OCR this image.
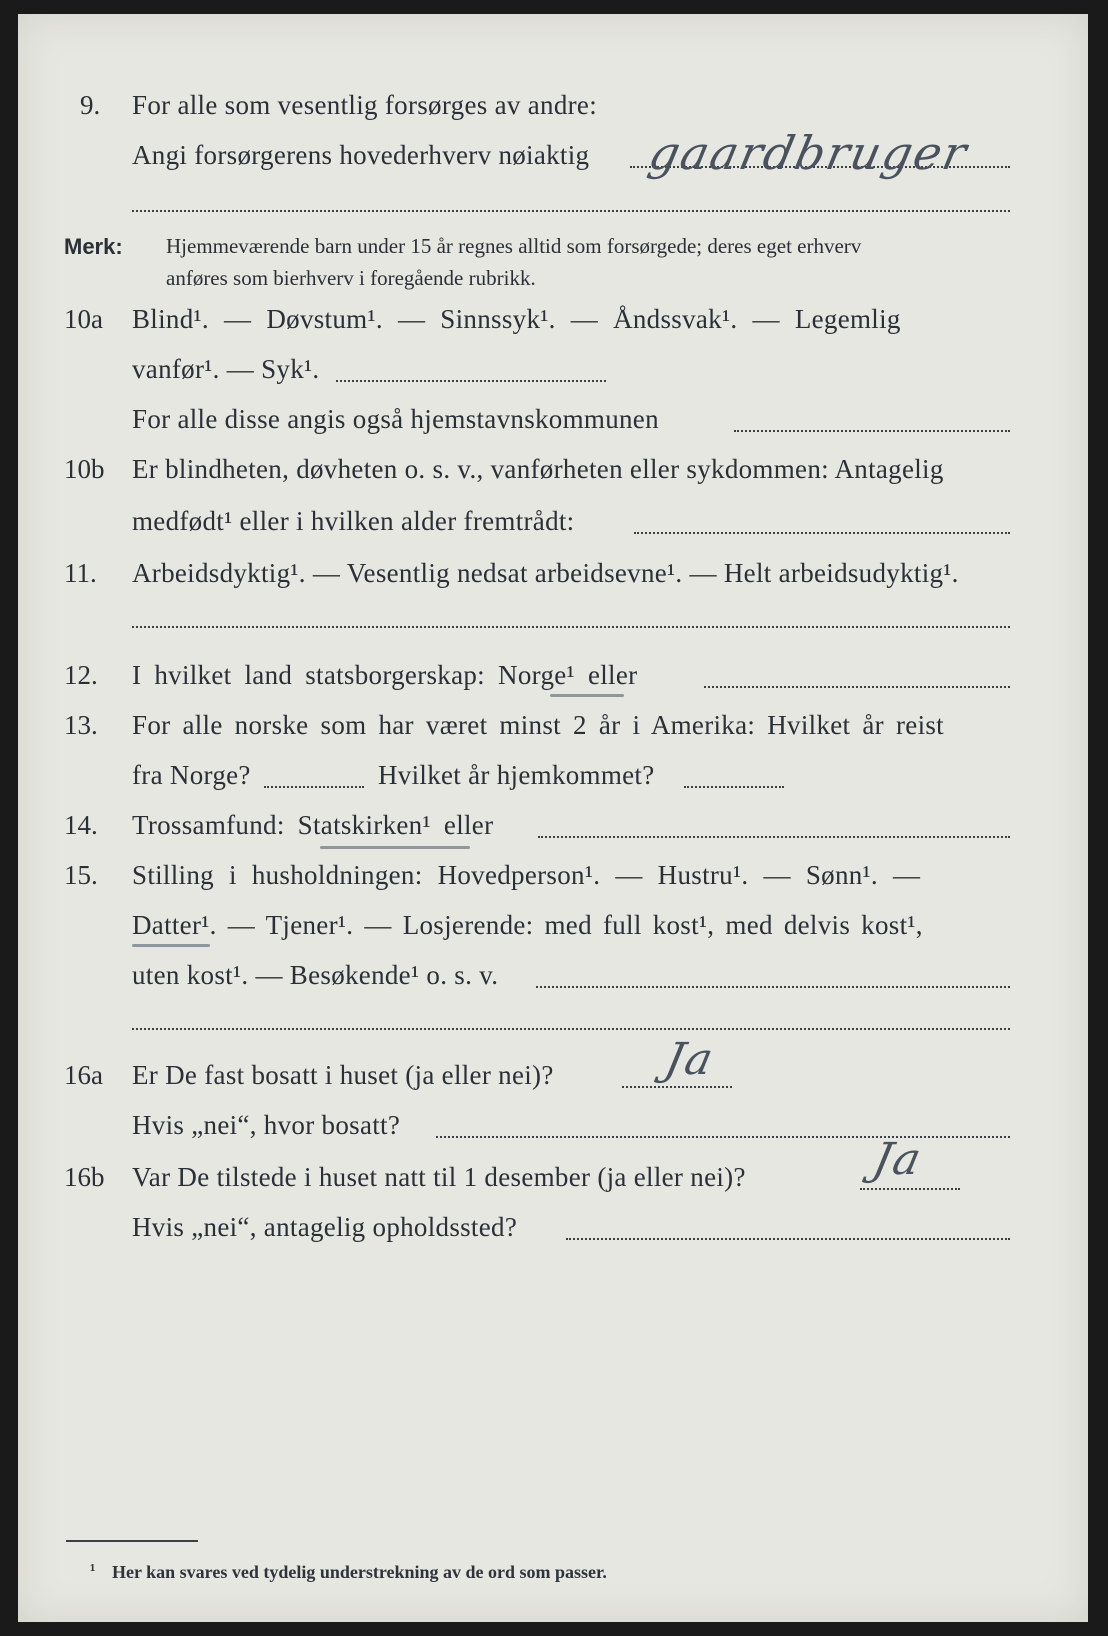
9. For alle som vesentlig forsørges av andre:
Angi forsørgerens hovederhverv nøiaktig gaardbruger
Merk: Hjemmeværende barn under 15 år regnes alltid som forsørgede; deres eget erhverv
anføres som bierhverv i foregående rubrikk.
10a Blind¹. — Døvstum¹. — Sinnssyk¹. — Åndssvak¹. — Legemlig
vanfør¹. — Syk¹.
For alle disse angis også hjemstavnskommunen
10b Er blindheten, døvheten o. s. v., vanførheten eller sykdommen: Antagelig
medfødt¹ eller i hvilken alder fremtrådt:
11. Arbeidsdyktig¹. — Vesentlig nedsat arbeidsevne¹. — Helt arbeidsudyktig¹.
12. I hvilket land statsborgerskap: Norge¹ eller
13. For alle norske som har været minst 2 år i Amerika: Hvilket år reist
fra Norge?	Hvilket år hjemkommet?
14. Trossamfund: Statskirken¹ eller
15. Stilling i husholdningen: Hovedperson¹. — Hustru¹. — Sønn¹. —
Datter¹. — Tjener¹. — Losjerende: med full kost¹, med delvis kost¹,
uten kost¹. — Besøkende¹ o. s. v.
16a Er De fast bosatt i huset (ja eller nei)? Ja
Hvis „nei“, hvor bosatt?
16b Var De tilstede i huset natt til 1 desember (ja eller nei)?	Ja
Hvis „nei“, antagelig opholdssted?
¹ Her kan svares ved tydelig understrekning av de ord som passer.
